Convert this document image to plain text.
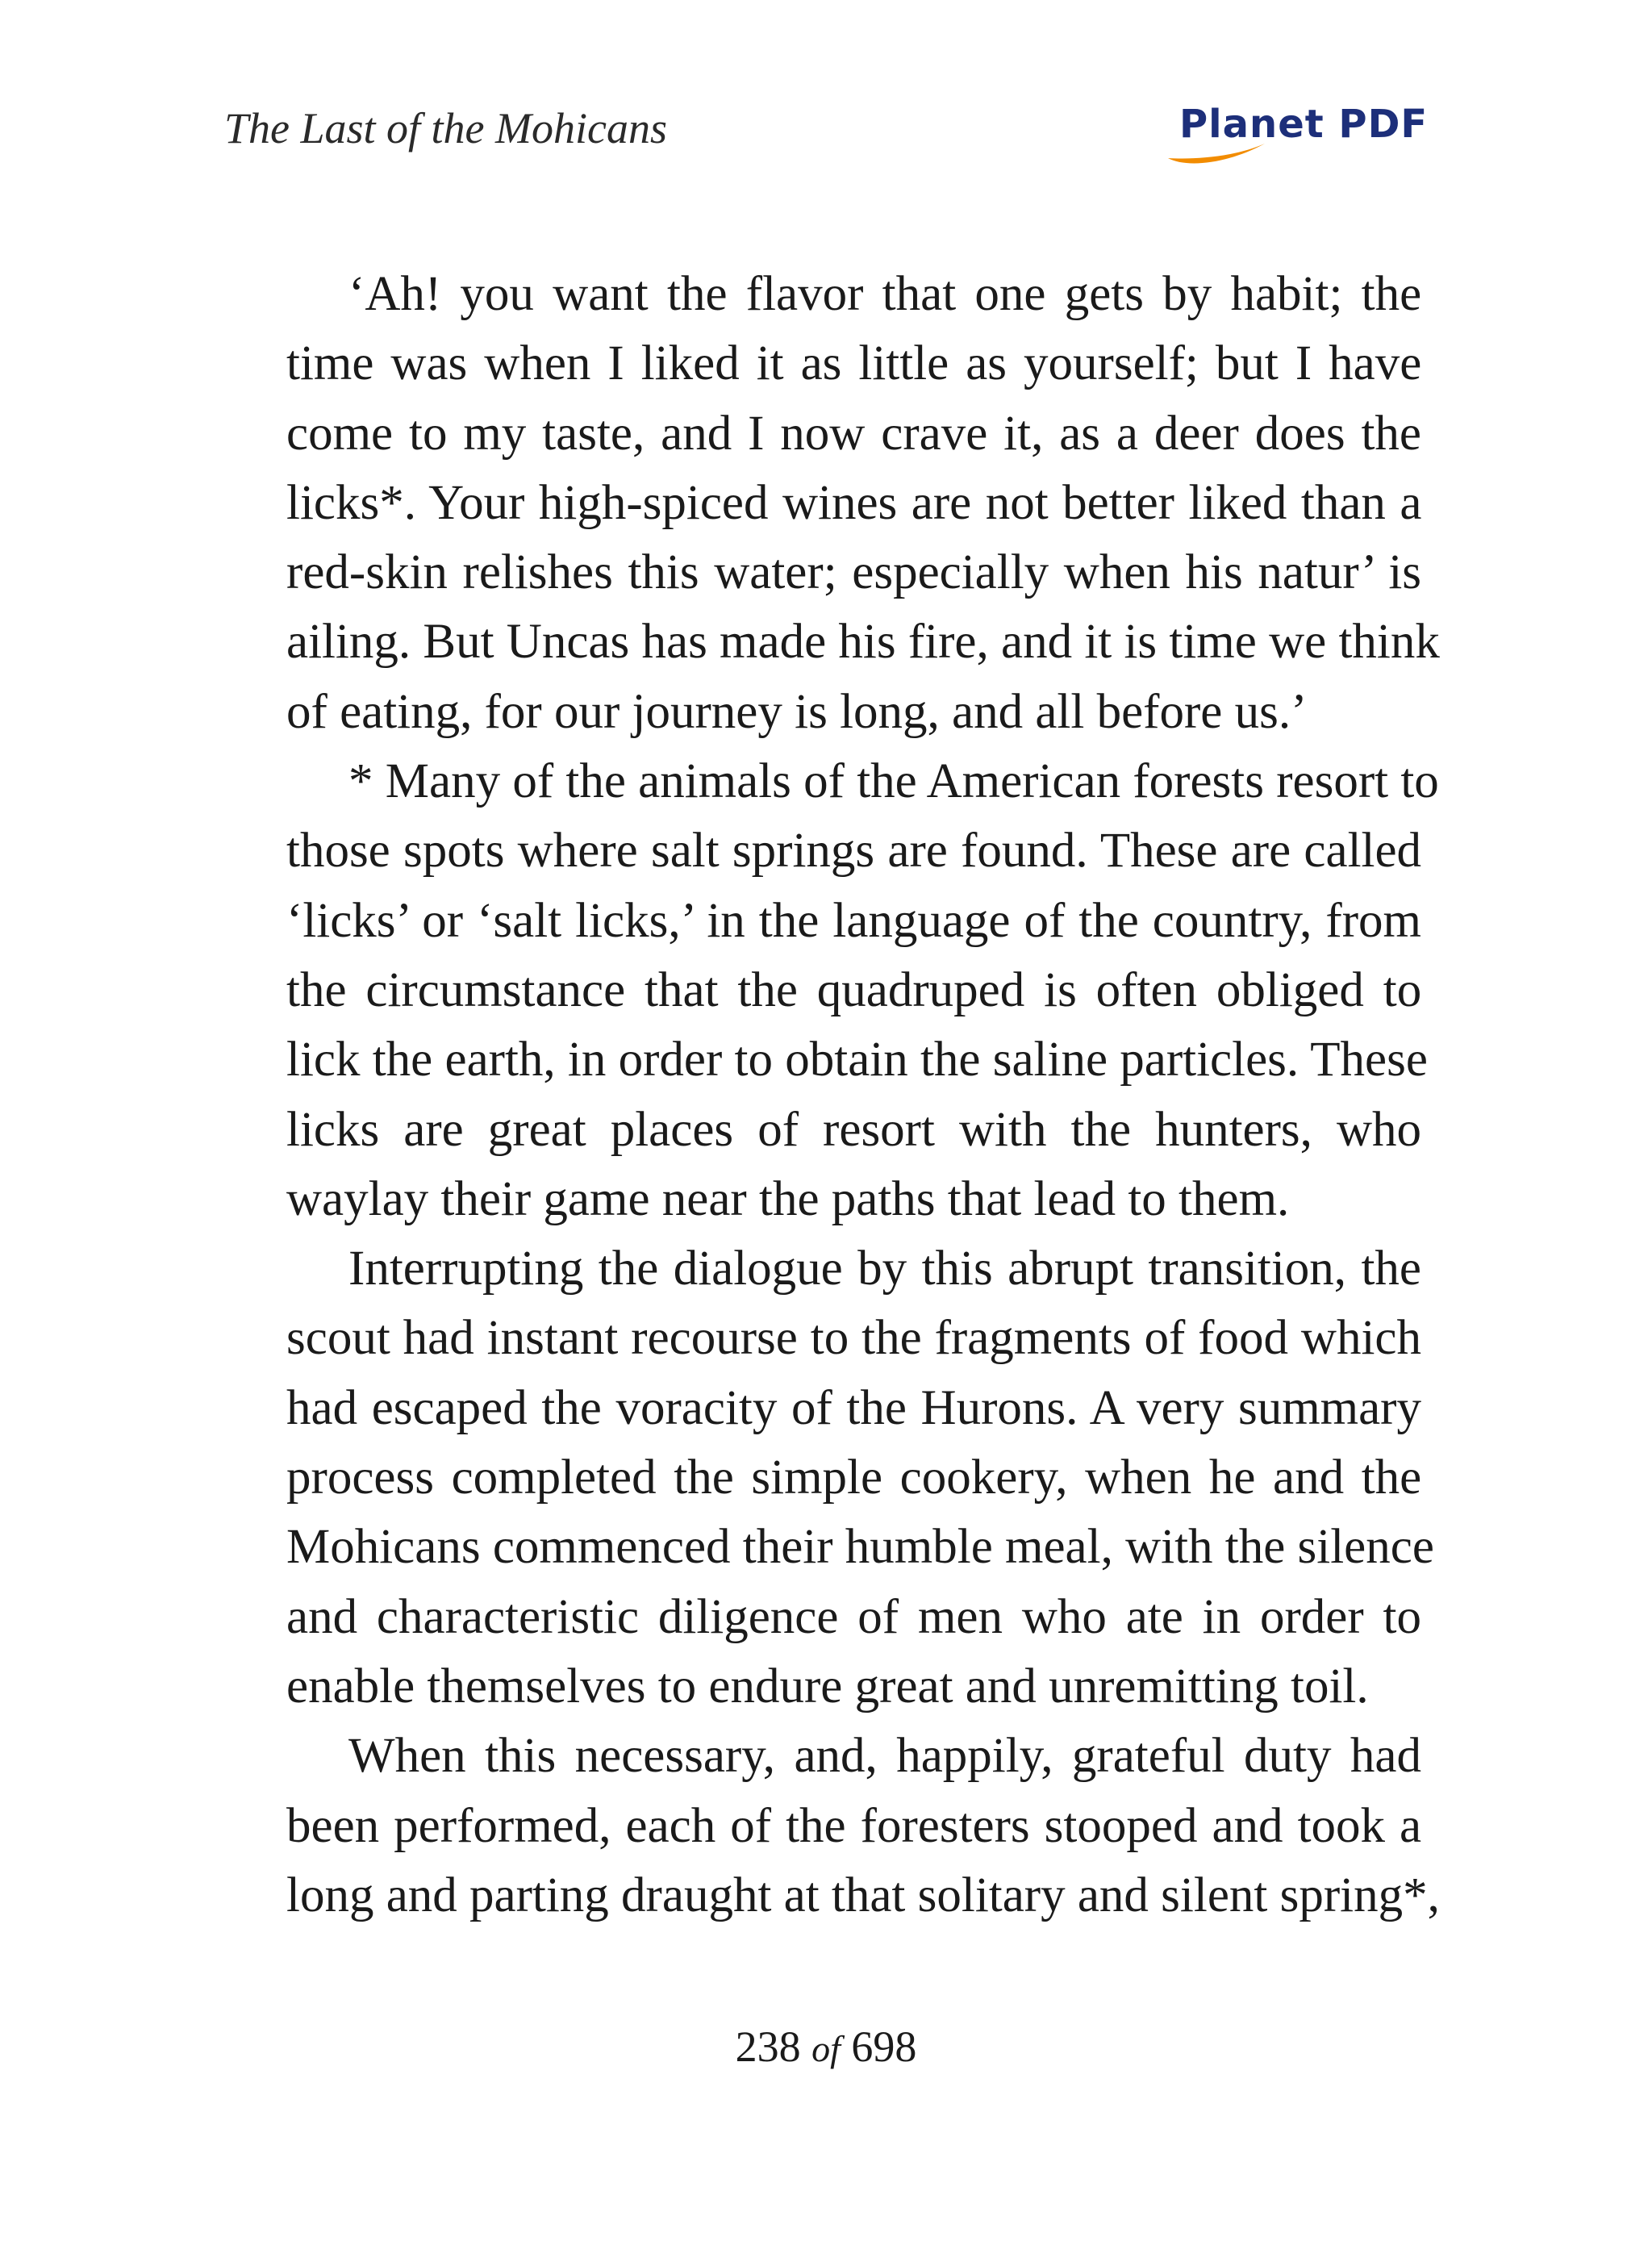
The Last of the Mohicans	Planet PDF
‘Ah! you want the flavor that one gets by habit; the
time was when I liked it as little as yourself; but I have
come to my taste, and I now crave it, as a deer does the
licks*. Your high-spiced wines are not better liked than a
red-skin relishes this water; especially when his natur’ is
ailing. But Uncas has made his fire, and it is time we think
of eating, for our journey is long, and all before us.’
* Many of the animals of the American forests resort to
those spots where salt springs are found. These are called
‘licks’ or ‘salt licks,’ in the language of the country, from
the circumstance that the quadruped is often obliged to
lick the earth, in order to obtain the saline particles. These
licks are great places of resort with the hunters, who
waylay their game near the paths that lead to them.
Interrupting the dialogue by this abrupt transition, the
scout had instant recourse to the fragments of food which
had escaped the voracity of the Hurons. A very summary
process completed the simple cookery, when he and the
Mohicans commenced their humble meal, with the silence
and characteristic diligence of men who ate in order to
enable themselves to endure great and unremitting toil.
When this necessary, and, happily, grateful duty had
been performed, each of the foresters stooped and took a
long and parting draught at that solitary and silent spring*,
238 of 698
